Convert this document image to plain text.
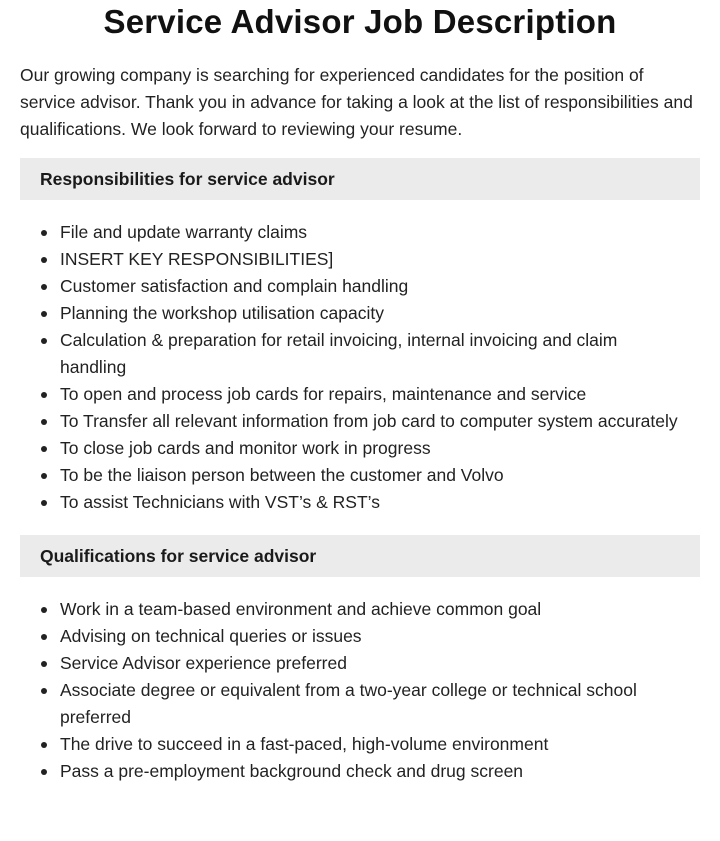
Service Advisor Job Description

Our growing company is searching for experienced candidates for the position of service advisor. Thank you in advance for taking a look at the list of responsibilities and qualifications. We look forward to reviewing your resume.

Responsibilities for service advisor
File and update warranty claims
INSERT KEY RESPONSIBILITIES]
Customer satisfaction and complain handling
Planning the workshop utilisation capacity
Calculation & preparation for retail invoicing, internal invoicing and claim handling
To open and process job cards for repairs, maintenance and service
To Transfer all relevant information from job card to computer system accurately
To close job cards and monitor work in progress
To be the liaison person between the customer and Volvo
To assist Technicians with VST’s & RST’s
Qualifications for service advisor
Work in a team-based environment and achieve common goal
Advising on technical queries or issues
Service Advisor experience preferred
Associate degree or equivalent from a two-year college or technical school preferred
The drive to succeed in a fast-paced, high-volume environment
Pass a pre-employment background check and drug screen
